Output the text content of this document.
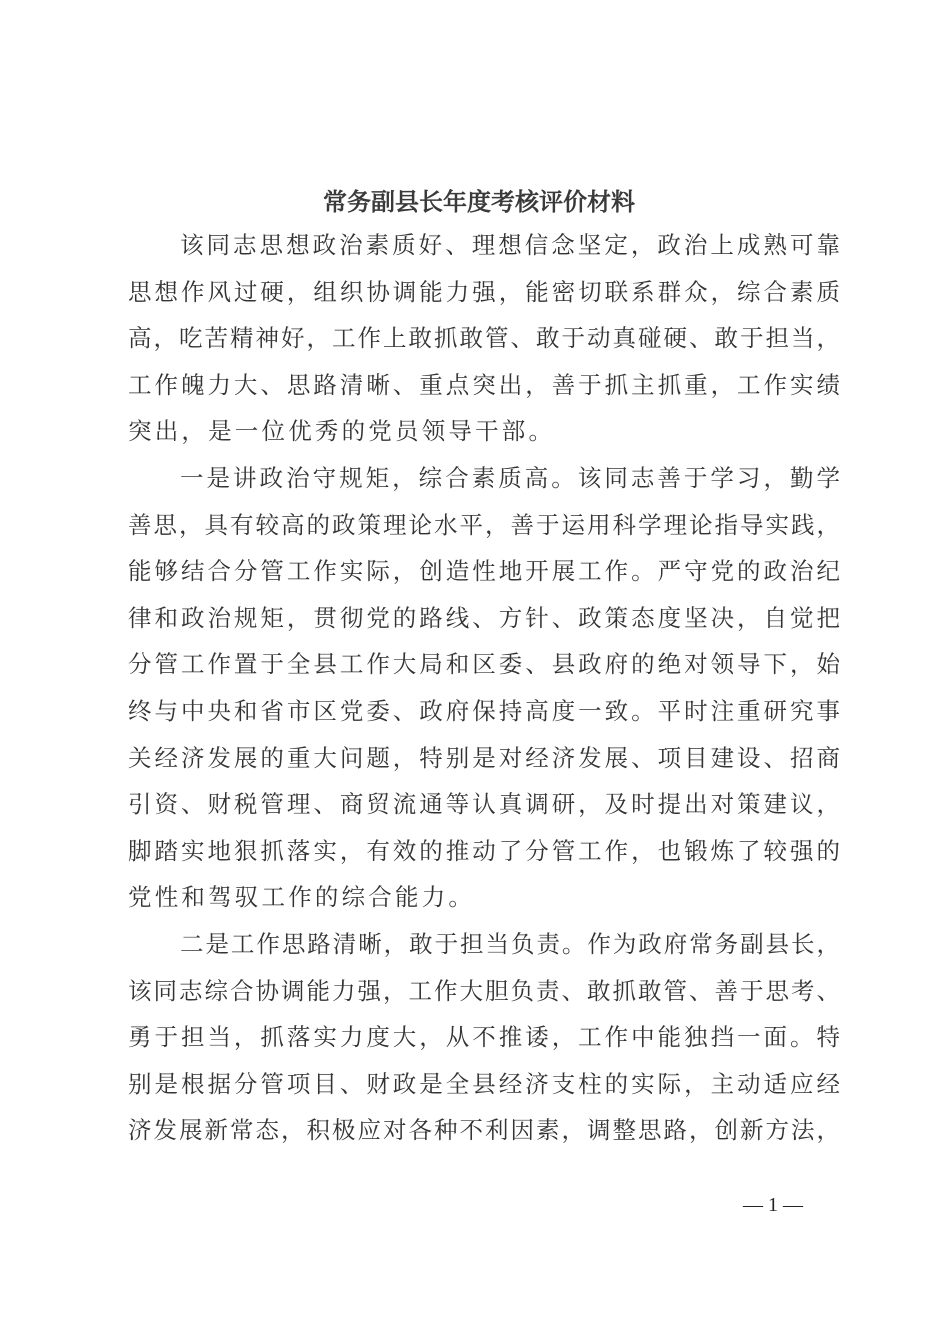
常务副县长年度考核评价材料
该同志思想政治素质好、理想信念坚定，政治上成熟可靠
思想作风过硬，组织协调能力强，能密切联系群众，综合素质
高，吃苦精神好，工作上敢抓敢管、敢于动真碰硬、敢于担当，
工作魄力大、思路清晰、重点突出，善于抓主抓重，工作实绩
突出，是一位优秀的党员领导干部。
一是讲政治守规矩，综合素质高。该同志善于学习，勤学
善思，具有较高的政策理论水平，善于运用科学理论指导实践，
能够结合分管工作实际，创造性地开展工作。严守党的政治纪
律和政治规矩，贯彻党的路线、方针、政策态度坚决，自觉把
分管工作置于全县工作大局和区委、县政府的绝对领导下，始
终与中央和省市区党委、政府保持高度一致。平时注重研究事
关经济发展的重大问题，特别是对经济发展、项目建设、招商
引资、财税管理、商贸流通等认真调研，及时提出对策建议，
脚踏实地狠抓落实，有效的推动了分管工作，也锻炼了较强的
党性和驾驭工作的综合能力。
二是工作思路清晰，敢于担当负责。作为政府常务副县长，
该同志综合协调能力强，工作大胆负责、敢抓敢管、善于思考、
勇于担当，抓落实力度大，从不推诿，工作中能独挡一面。特
别是根据分管项目、财政是全县经济支柱的实际，主动适应经
济发展新常态，积极应对各种不利因素，调整思路，创新方法，
— 1 —
